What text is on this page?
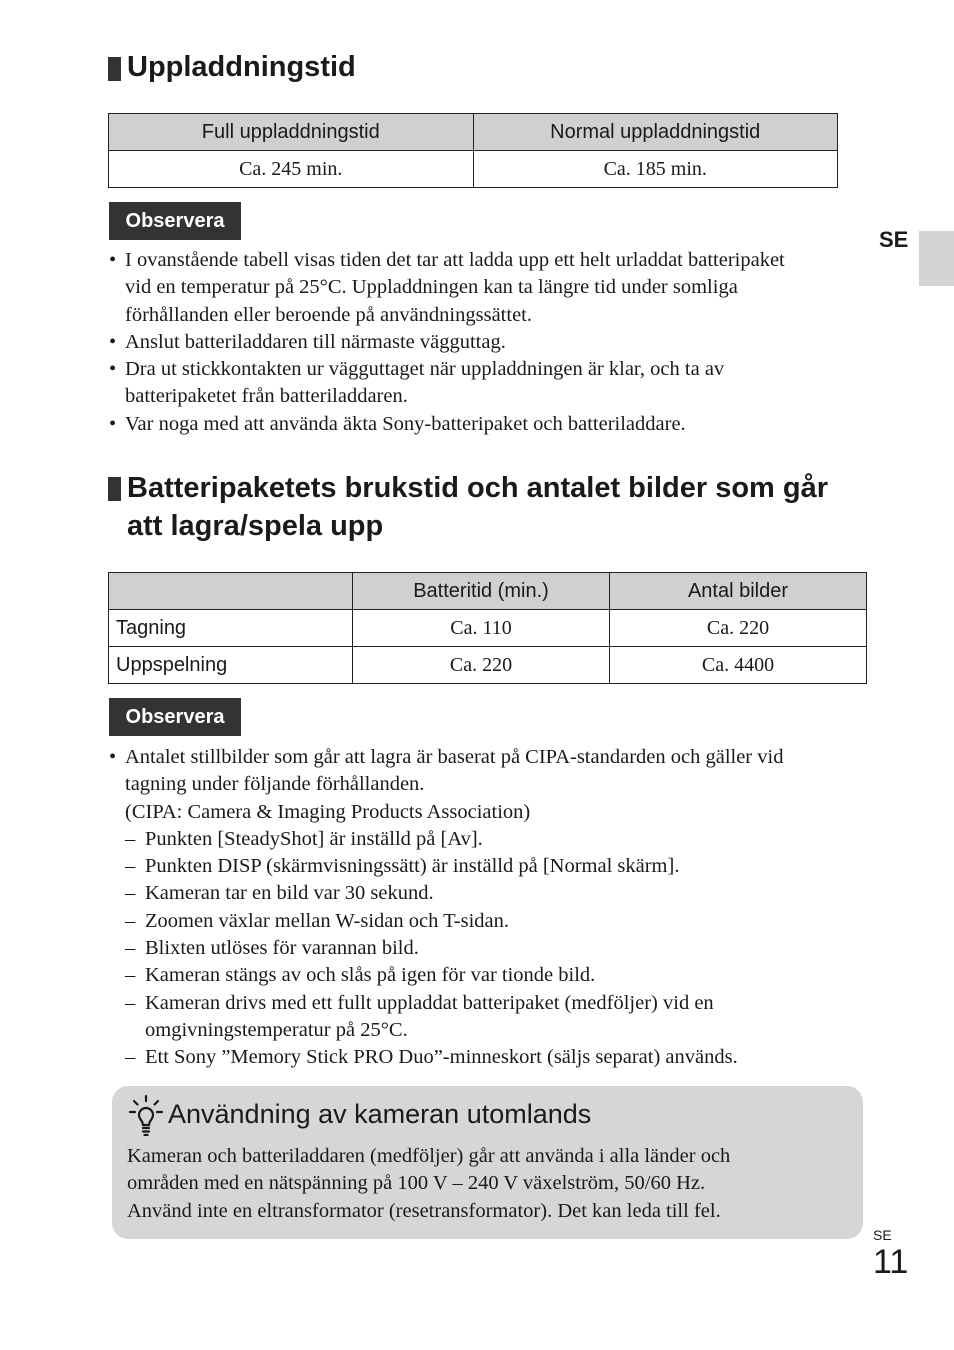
Uppladdningstid
Full uppladdningstid	Normal uppladdningstid
Ca. 245 min.	Ca. 185 min.
Observera
• I ovanstående tabell visas tiden det tar att ladda upp ett helt urladdat batteripaket
vid en temperatur på 25°C. Uppladdningen kan ta längre tid under somliga
förhållanden eller beroende på användningssättet.
• Anslut batteriladdaren till närmaste vägguttag.
• Dra ut stickkontakten ur vägguttaget när uppladdningen är klar, och ta av
batteripaketet från batteriladdaren.
• Var noga med att använda äkta Sony-batteripaket och batteriladdare.
SE
Batteripaketets brukstid och antalet bilder som går
att lagra/spela upp
	Batteritid (min.)	Antal bilder
Tagning	Ca. 110	Ca. 220
Uppspelning	Ca. 220	Ca. 4400
Observera
• Antalet stillbilder som går att lagra är baserat på CIPA-standarden och gäller vid
tagning under följande förhållanden.
(CIPA: Camera & Imaging Products Association)
– Punkten [SteadyShot] är inställd på [Av].
– Punkten DISP (skärmvisningssätt) är inställd på [Normal skärm].
– Kameran tar en bild var 30 sekund.
– Zoomen växlar mellan W-sidan och T-sidan.
– Blixten utlöses för varannan bild.
– Kameran stängs av och slås på igen för var tionde bild.
– Kameran drivs med ett fullt uppladdat batteripaket (medföljer) vid en
omgivningstemperatur på 25°C.
– Ett Sony ”Memory Stick PRO Duo”-minneskort (säljs separat) används.
Användning av kameran utomlands
Kameran och batteriladdaren (medföljer) går att använda i alla länder och
områden med en nätspänning på 100 V – 240 V växelström, 50/60 Hz.
Använd inte en eltransformator (resetransformator). Det kan leda till fel.
SE
11
